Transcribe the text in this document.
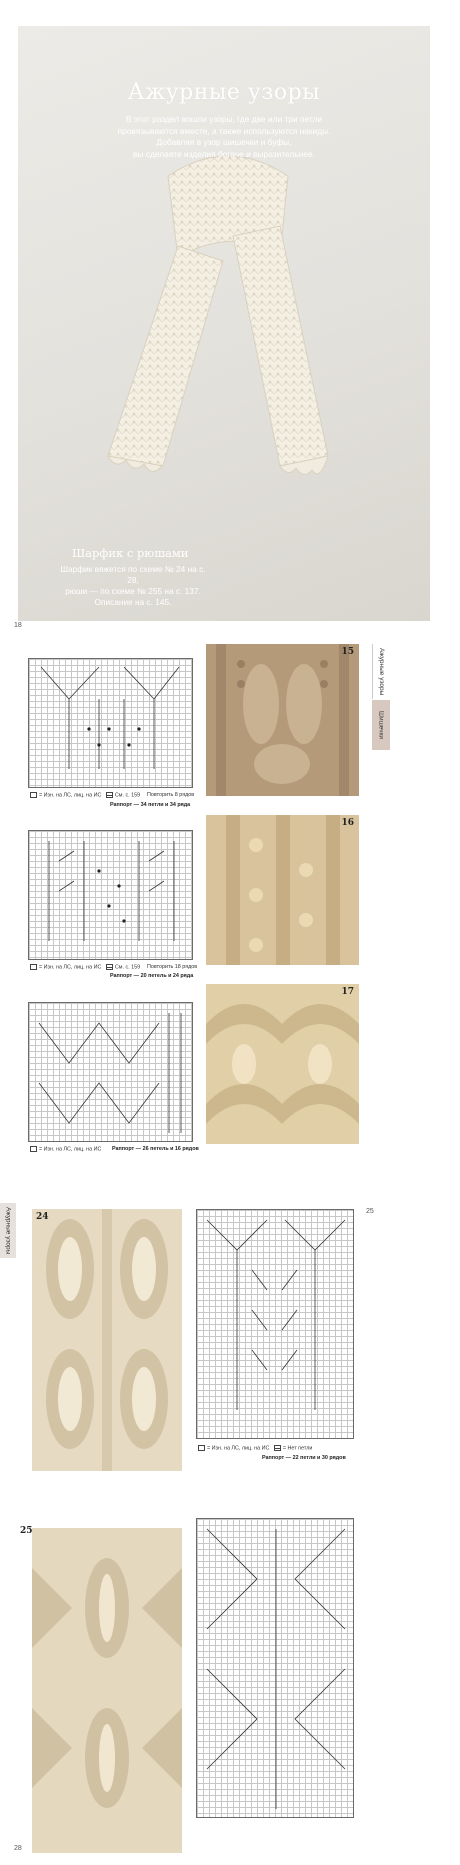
Ажурные узоры
В этот раздел вошли узоры, где две или три петли
провязываются вместе, а также используются накиды.
Добавляя в узор шишечки и буфы,
вы сделаете изделия богаче и выразительнее.
Шарфик с рюшами
Шарфик вяжется по схеме № 24 на с. 28,
рюши — по схеме № 255 на с. 137.
Описание на с. 145.
18
= Изн. на ЛС, лиц. на ИС	См. с. 159 Повторить 8 рядов
Раппорт — 34 петли и 34 ряда
15
= Изн. на ЛС, лиц. на ИС	См. с. 159 Повторить 18 рядов
Раппорт — 20 петель и 24 ряда
16
= Изн. на ЛС, лиц. на ИС Раппорт — 26 петель и 16 рядов
17
Ажурные узоры
Шишечки
25
Ажурные узоры	24
= Изн. на ЛС, лиц. на ИС	= Нет петли
Раппорт — 22 петли и 30 рядов
25
28
